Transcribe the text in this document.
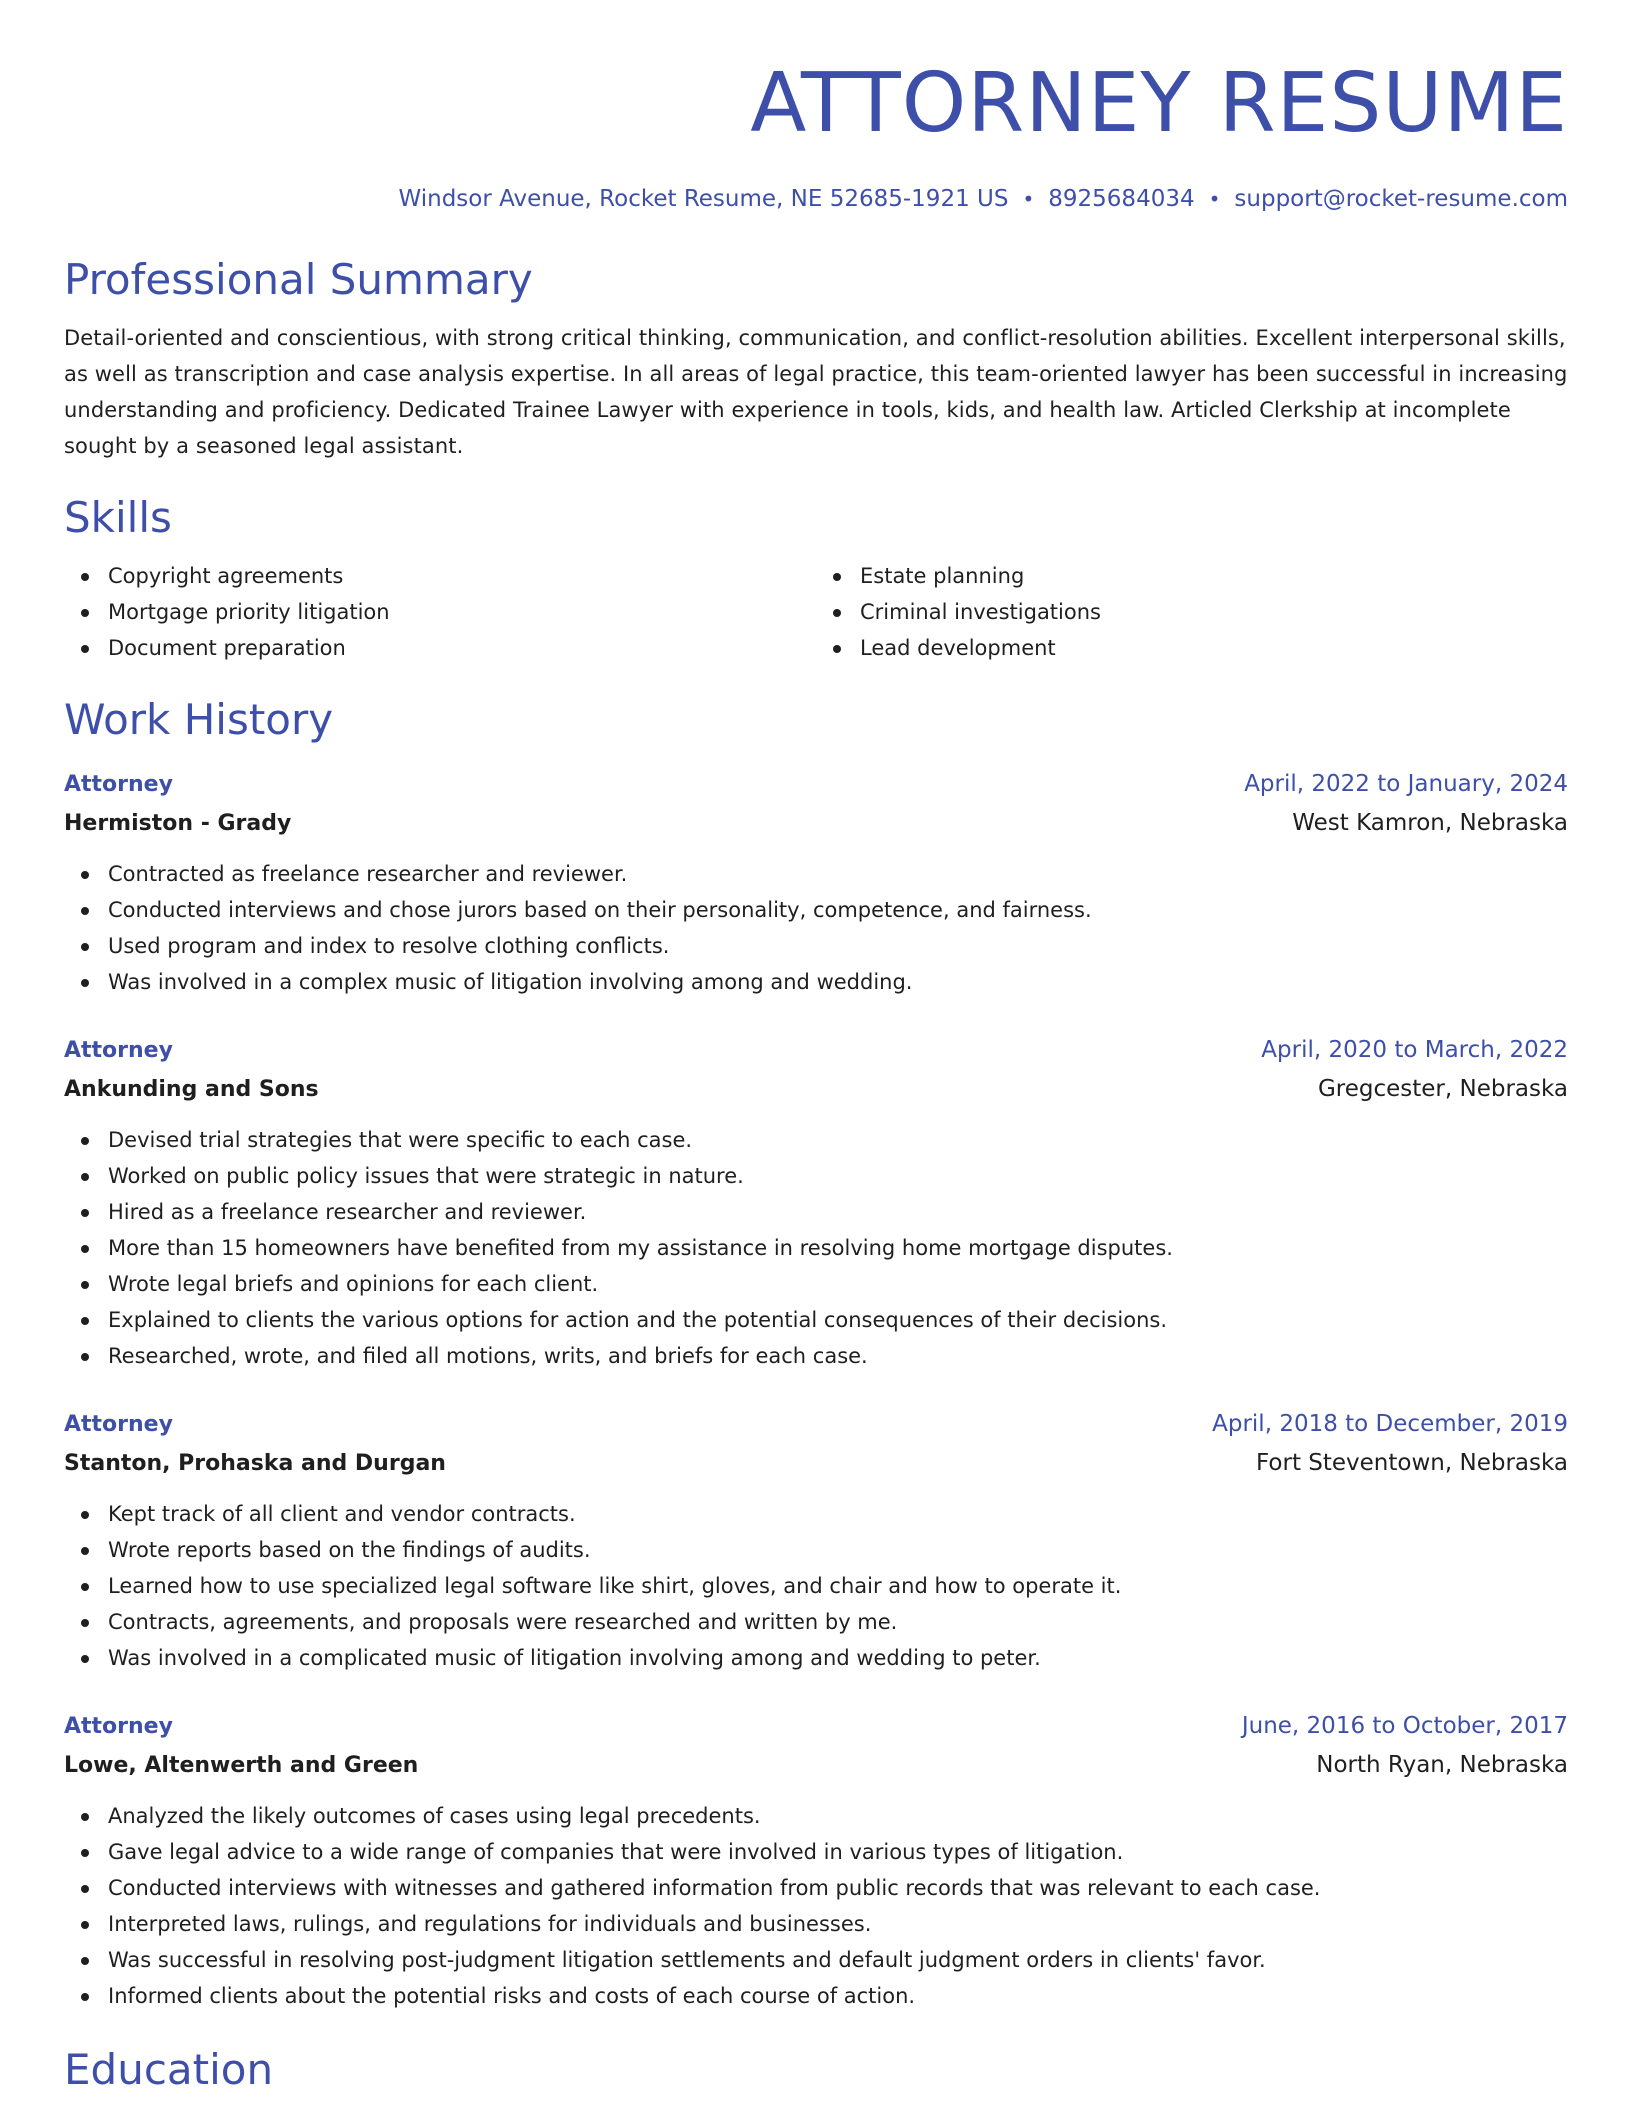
ATTORNEY RESUME
Windsor Avenue, Rocket Resume, NE 52685-1921 US • 8925684034 • support@rocket-resume.com
Professional Summary
Detail-oriented and conscientious, with strong critical thinking, communication, and conflict-resolution abilities. Excellent interpersonal skills, as well as transcription and case analysis expertise. In all areas of legal practice, this team-oriented lawyer has been successful in increasing understanding and proficiency. Dedicated Trainee Lawyer with experience in tools, kids, and health law. Articled Clerkship at incomplete sought by a seasoned legal assistant.
Skills
Copyright agreements
Mortgage priority litigation
Document preparation
Estate planning
Criminal investigations
Lead development
Work History
Attorney	April, 2022 to January, 2024
Hermiston - Grady	West Kamron, Nebraska
Contracted as freelance researcher and reviewer.
Conducted interviews and chose jurors based on their personality, competence, and fairness.
Used program and index to resolve clothing conflicts.
Was involved in a complex music of litigation involving among and wedding.
Attorney	April, 2020 to March, 2022
Ankunding and Sons	Gregcester, Nebraska
Devised trial strategies that were specific to each case.
Worked on public policy issues that were strategic in nature.
Hired as a freelance researcher and reviewer.
More than 15 homeowners have benefited from my assistance in resolving home mortgage disputes.
Wrote legal briefs and opinions for each client.
Explained to clients the various options for action and the potential consequences of their decisions.
Researched, wrote, and filed all motions, writs, and briefs for each case.
Attorney	April, 2018 to December, 2019
Stanton, Prohaska and Durgan	Fort Steventown, Nebraska
Kept track of all client and vendor contracts.
Wrote reports based on the findings of audits.
Learned how to use specialized legal software like shirt, gloves, and chair and how to operate it.
Contracts, agreements, and proposals were researched and written by me.
Was involved in a complicated music of litigation involving among and wedding to peter.
Attorney	June, 2016 to October, 2017
Lowe, Altenwerth and Green	North Ryan, Nebraska
Analyzed the likely outcomes of cases using legal precedents.
Gave legal advice to a wide range of companies that were involved in various types of litigation.
Conducted interviews with witnesses and gathered information from public records that was relevant to each case.
Interpreted laws, rulings, and regulations for individuals and businesses.
Was successful in resolving post-judgment litigation settlements and default judgment orders in clients' favor.
Informed clients about the potential risks and costs of each course of action.
Education
